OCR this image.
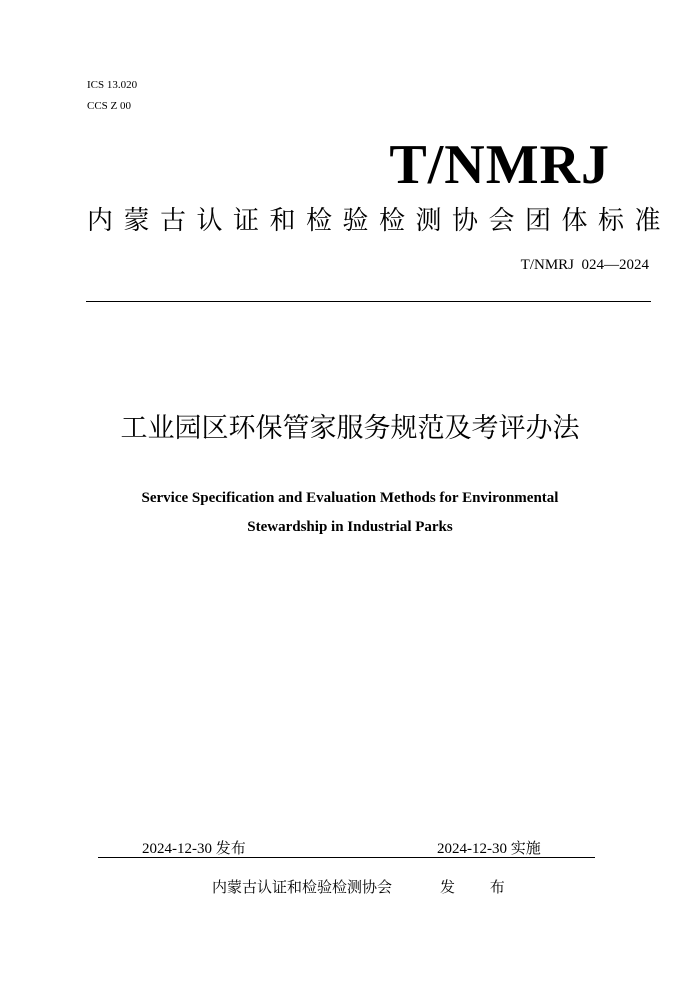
ICS 13.020
CCS Z 00
T/NMRJ
内蒙古认证和检验检测协会团体标准
T/NMRJ  024—2024
工业园区环保管家服务规范及考评办法
Service Specification and Evaluation Methods for Environmental Stewardship in Industrial Parks
2024-12-30 发布	2024-12-30 实施
内蒙古认证和检验检测协会	发 布
